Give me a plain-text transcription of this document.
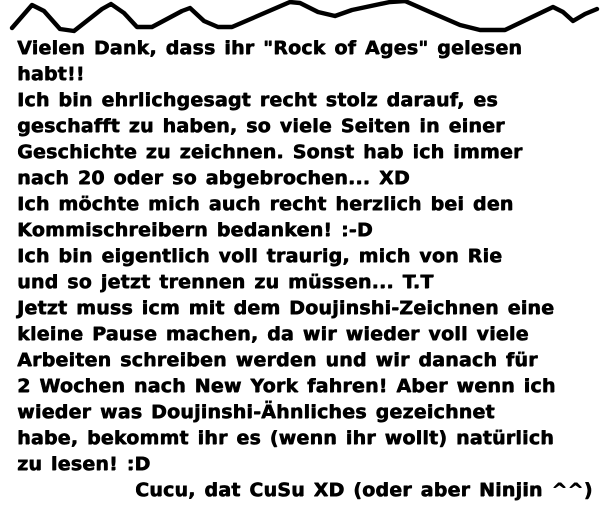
Vielen Dank, dass ihr "Rock of Ages" gelesen
habt!!
Ich bin ehrlichgesagt recht stolz darauf, es
geschafft zu haben, so viele Seiten in einer
Geschichte zu zeichnen. Sonst hab ich immer
nach 20 oder so abgebrochen... XD
Ich möchte mich auch recht herzlich bei den
Kommischreibern bedanken! :-D
Ich bin eigentlich voll traurig, mich von Rie
und so jetzt trennen zu müssen... T.T
Jetzt muss icm mit dem Doujinshi-Zeichnen eine
kleine Pause machen, da wir wieder voll viele
Arbeiten schreiben werden und wir danach für
2 Wochen nach New York fahren! Aber wenn ich
wieder was Doujinshi-Ähnliches gezeichnet
habe, bekommt ihr es (wenn ihr wollt) natürlich
zu lesen! :D
Cucu, dat CuSu XD (oder aber Ninjin ^^)
